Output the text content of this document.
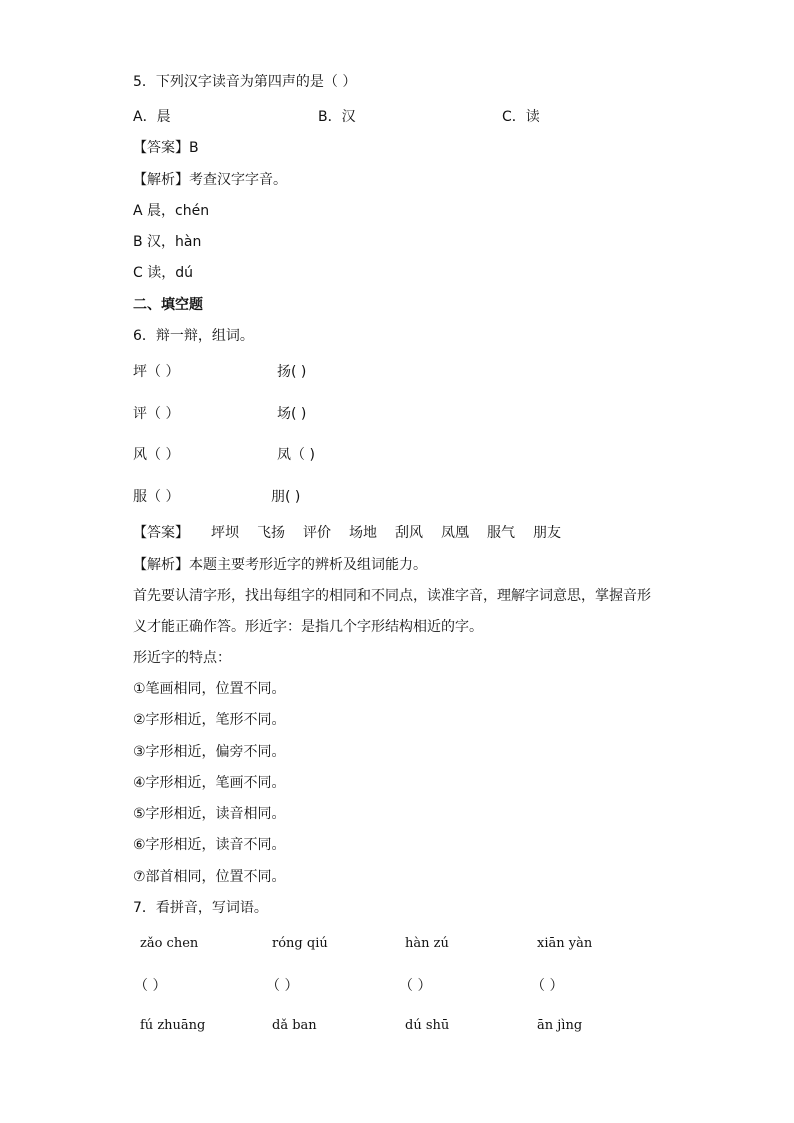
5．下列汉字读音为第四声的是（ ）
A．晨	B．汉	C．读
【答案】B
【解析】考查汉字字音。
A 晨，chén
B 汉，hàn
C 读，dú
二、填空题
6．辩一辩，组词。
坪（ ）	扬( )
评（ ）	场( )
风（ ）	凤（ )
服（ ）	朋( )
【答案】 坪坝 飞扬 评价 场地 刮风 凤凰 服气 朋友
【解析】本题主要考形近字的辨析及组词能力。
首先要认清字形，找出每组字的相同和不同点，读准字音，理解字词意思，掌握音形
义才能正确作答。形近字：是指几个字形结构相近的字。
形近字的特点：
①笔画相同，位置不同。
②字形相近，笔形不同。
③字形相近，偏旁不同。
④字形相近，笔画不同。
⑤字形相近，读音相同。
⑥字形相近，读音不同。
⑦部首相同，位置不同。
7．看拼音，写词语。
zǎo chen	róng qiú	hàn zú	xiān yàn
（ ）	（ ）	（ ）	（ ）
fú zhuāng	dǎ ban	dú shū	ān jìng
